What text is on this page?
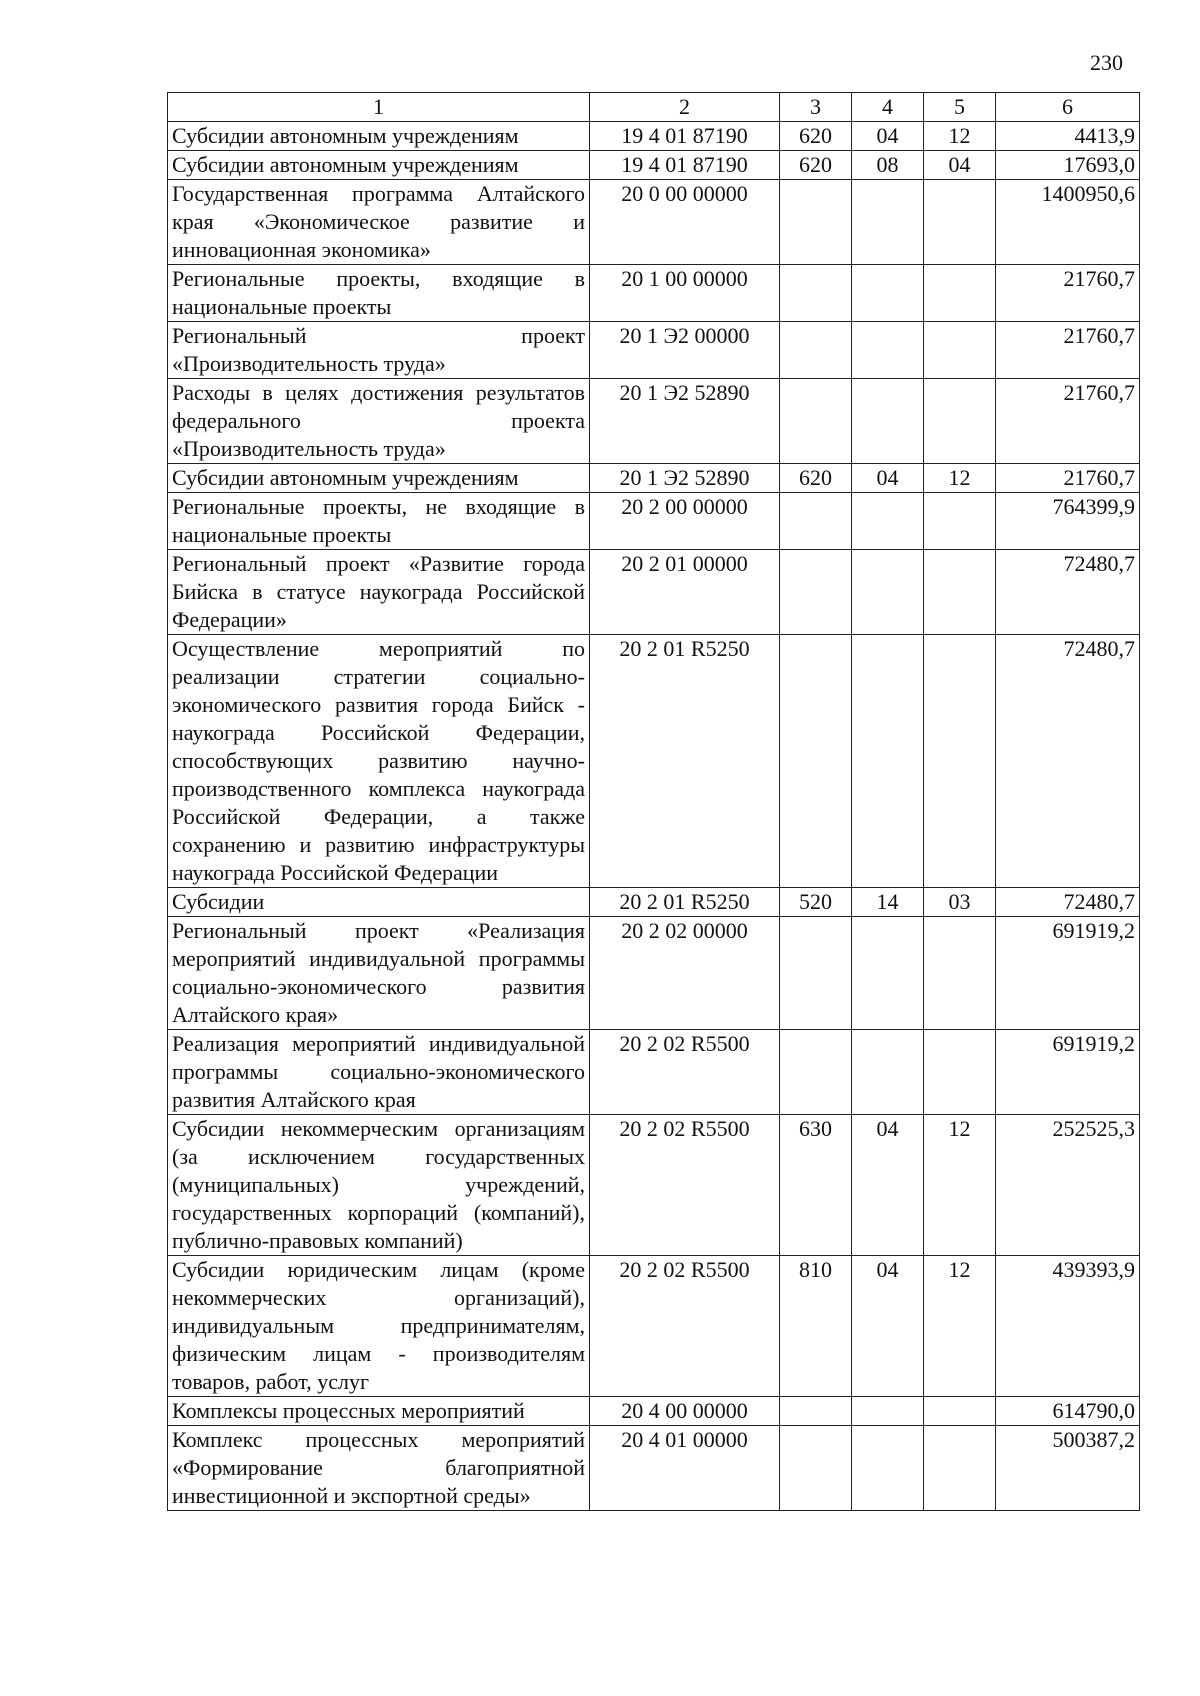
230
1	2	3	4	5	6
Субсидии автономным учреждениям	19 4 01 87190	620	04	12	4413,9
Субсидии автономным учреждениям	19 4 01 87190	620	08	04	17693,0
Государственная программа Алтайского края «Экономическое развитие и инновационная экономика»	20 0 00 00000				1400950,6
Региональные проекты, входящие в национальные проекты	20 1 00 00000				21760,7
Региональный проект «Производительность труда»	20 1 Э2 00000				21760,7
Расходы в целях достижения результатов федерального проекта «Производительность труда»	20 1 Э2 52890				21760,7
Субсидии автономным учреждениям	20 1 Э2 52890	620	04	12	21760,7
Региональные проекты, не входящие в национальные проекты	20 2 00 00000				764399,9
Региональный проект «Развитие города Бийска в статусе наукограда Российской Федерации»	20 2 01 00000				72480,7
Осуществление мероприятий по реализации стратегии социально-экономического развития города Бийск - наукограда Российской Федерации, способствующих развитию научно-производственного комплекса наукограда Российской Федерации, а также сохранению и развитию инфраструктуры наукограда Российской Федерации	20 2 01 R5250				72480,7
Субсидии	20 2 01 R5250	520	14	03	72480,7
Региональный проект «Реализация мероприятий индивидуальной программы социально-экономического развития Алтайского края»	20 2 02 00000				691919,2
Реализация мероприятий индивидуальной программы социально-экономического развития Алтайского края	20 2 02 R5500				691919,2
Субсидии некоммерческим организациям (за исключением государственных (муниципальных) учреждений, государственных корпораций (компаний), публично-правовых компаний)	20 2 02 R5500	630	04	12	252525,3
Субсидии юридическим лицам (кроме некоммерческих организаций), индивидуальным предпринимателям, физическим лицам - производителям товаров, работ, услуг	20 2 02 R5500	810	04	12	439393,9
Комплексы процессных мероприятий	20 4 00 00000				614790,0
Комплекс процессных мероприятий «Формирование благоприятной инвестиционной и экспортной среды»	20 4 01 00000				500387,2
